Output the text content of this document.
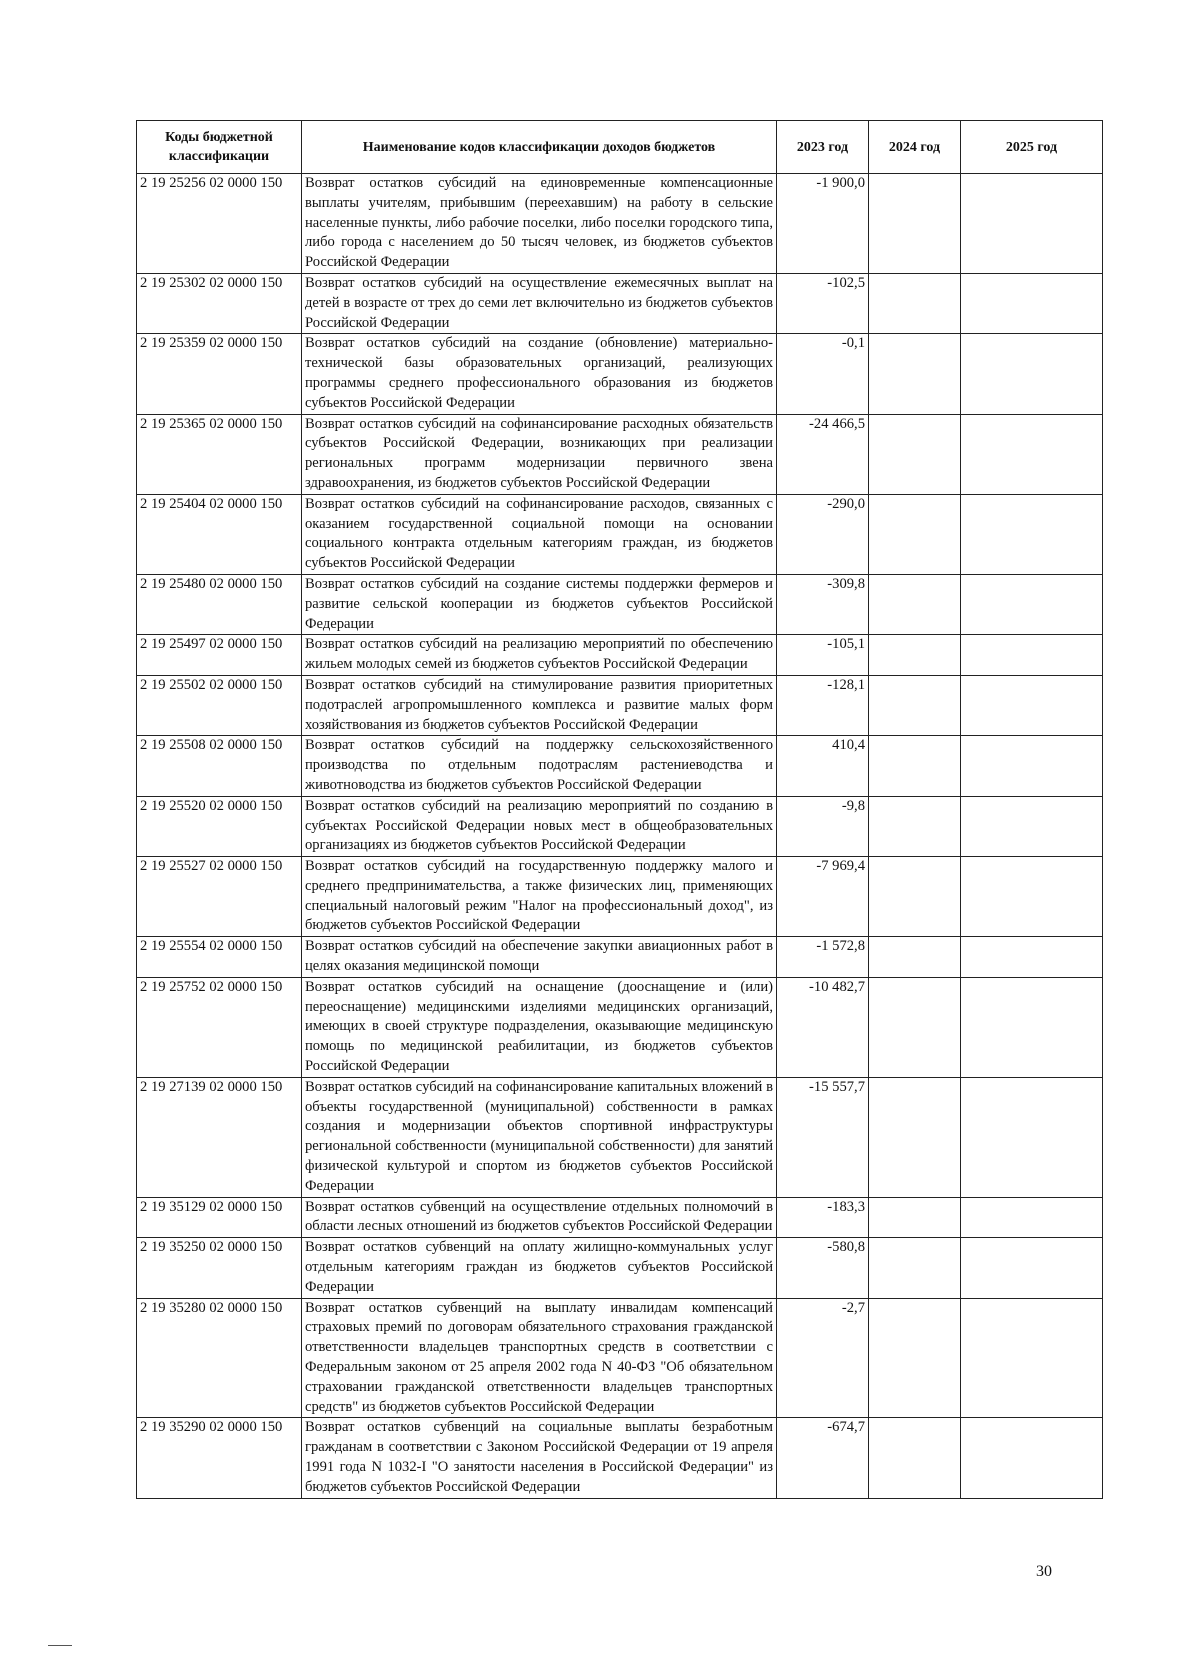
Коды бюджетной классификации	Наименование кодов классификации доходов бюджетов	2023 год	2024 год	2025 год
2 19 25256 02 0000 150	Возврат остатков субсидий на единовременные компенсационные выплаты учителям, прибывшим (переехавшим) на работу в сельские населенные пункты, либо рабочие поселки, либо поселки городского типа, либо города с населением до 50 тысяч человек, из бюджетов субъектов Российской Федерации	-1 900,0		
2 19 25302 02 0000 150	Возврат остатков субсидий на осуществление ежемесячных выплат на детей в возрасте от трех до семи лет включительно из бюджетов субъектов Российской Федерации	-102,5		
2 19 25359 02 0000 150	Возврат остатков субсидий на создание (обновление) материально-технической базы образовательных организаций, реализующих программы среднего профессионального образования из бюджетов субъектов Российской Федерации	-0,1		
2 19 25365 02 0000 150	Возврат остатков субсидий на софинансирование расходных обязательств субъектов Российской Федерации, возникающих при реализации региональных программ модернизации первичного звена здравоохранения, из бюджетов субъектов Российской Федерации	-24 466,5		
2 19 25404 02 0000 150	Возврат остатков субсидий на софинансирование расходов, связанных с оказанием государственной социальной помощи на основании социального контракта отдельным категориям граждан, из бюджетов субъектов Российской Федерации	-290,0		
2 19 25480 02 0000 150	Возврат остатков субсидий на создание системы поддержки фермеров и развитие сельской кооперации из бюджетов субъектов Российской Федерации	-309,8		
2 19 25497 02 0000 150	Возврат остатков субсидий на реализацию мероприятий по обеспечению жильем молодых семей из бюджетов субъектов Российской Федерации	-105,1		
2 19 25502 02 0000 150	Возврат остатков субсидий на стимулирование развития приоритетных подотраслей агропромышленного комплекса и развитие малых форм хозяйствования из бюджетов субъектов Российской Федерации	-128,1		
2 19 25508 02 0000 150	Возврат остатков субсидий на поддержку сельскохозяйственного производства по отдельным подотраслям растениеводства и животноводства из бюджетов субъектов Российской Федерации	410,4		
2 19 25520 02 0000 150	Возврат остатков субсидий на реализацию мероприятий по созданию в субъектах Российской Федерации новых мест в общеобразовательных организациях из бюджетов субъектов Российской Федерации	-9,8		
2 19 25527 02 0000 150	Возврат остатков субсидий на государственную поддержку малого и среднего предпринимательства, а также физических лиц, применяющих специальный налоговый режим "Налог на профессиональный доход", из бюджетов субъектов Российской Федерации	-7 969,4		
2 19 25554 02 0000 150	Возврат остатков субсидий на обеспечение закупки авиационных работ в целях оказания медицинской помощи	-1 572,8		
2 19 25752 02 0000 150	Возврат остатков субсидий на оснащение (дооснащение и (или) переоснащение) медицинскими изделиями медицинских организаций, имеющих в своей структуре подразделения, оказывающие медицинскую помощь по медицинской реабилитации, из бюджетов субъектов Российской Федерации	-10 482,7		
2 19 27139 02 0000 150	Возврат остатков субсидий на софинансирование капитальных вложений в объекты государственной (муниципальной) собственности в рамках создания и модернизации объектов спортивной инфраструктуры региональной собственности (муниципальной собственности) для занятий физической культурой и спортом из бюджетов субъектов Российской Федерации	-15 557,7		
2 19 35129 02 0000 150	Возврат остатков субвенций на осуществление отдельных полномочий в области лесных отношений из бюджетов субъектов Российской Федерации	-183,3		
2 19 35250 02 0000 150	Возврат остатков субвенций на оплату жилищно-коммунальных услуг отдельным категориям граждан из бюджетов субъектов Российской Федерации	-580,8		
2 19 35280 02 0000 150	Возврат остатков субвенций на выплату инвалидам компенсаций страховых премий по договорам обязательного страхования гражданской ответственности владельцев транспортных средств в соответствии с Федеральным законом от 25 апреля 2002 года N 40-ФЗ "Об обязательном страховании гражданской ответственности владельцев транспортных средств" из бюджетов субъектов Российской Федерации	-2,7		
2 19 35290 02 0000 150	Возврат остатков субвенций на социальные выплаты безработным гражданам в соответствии с Законом Российской Федерации от 19 апреля 1991 года N 1032-I "О занятости населения в Российской Федерации" из бюджетов субъектов Российской Федерации	-674,7		
30
